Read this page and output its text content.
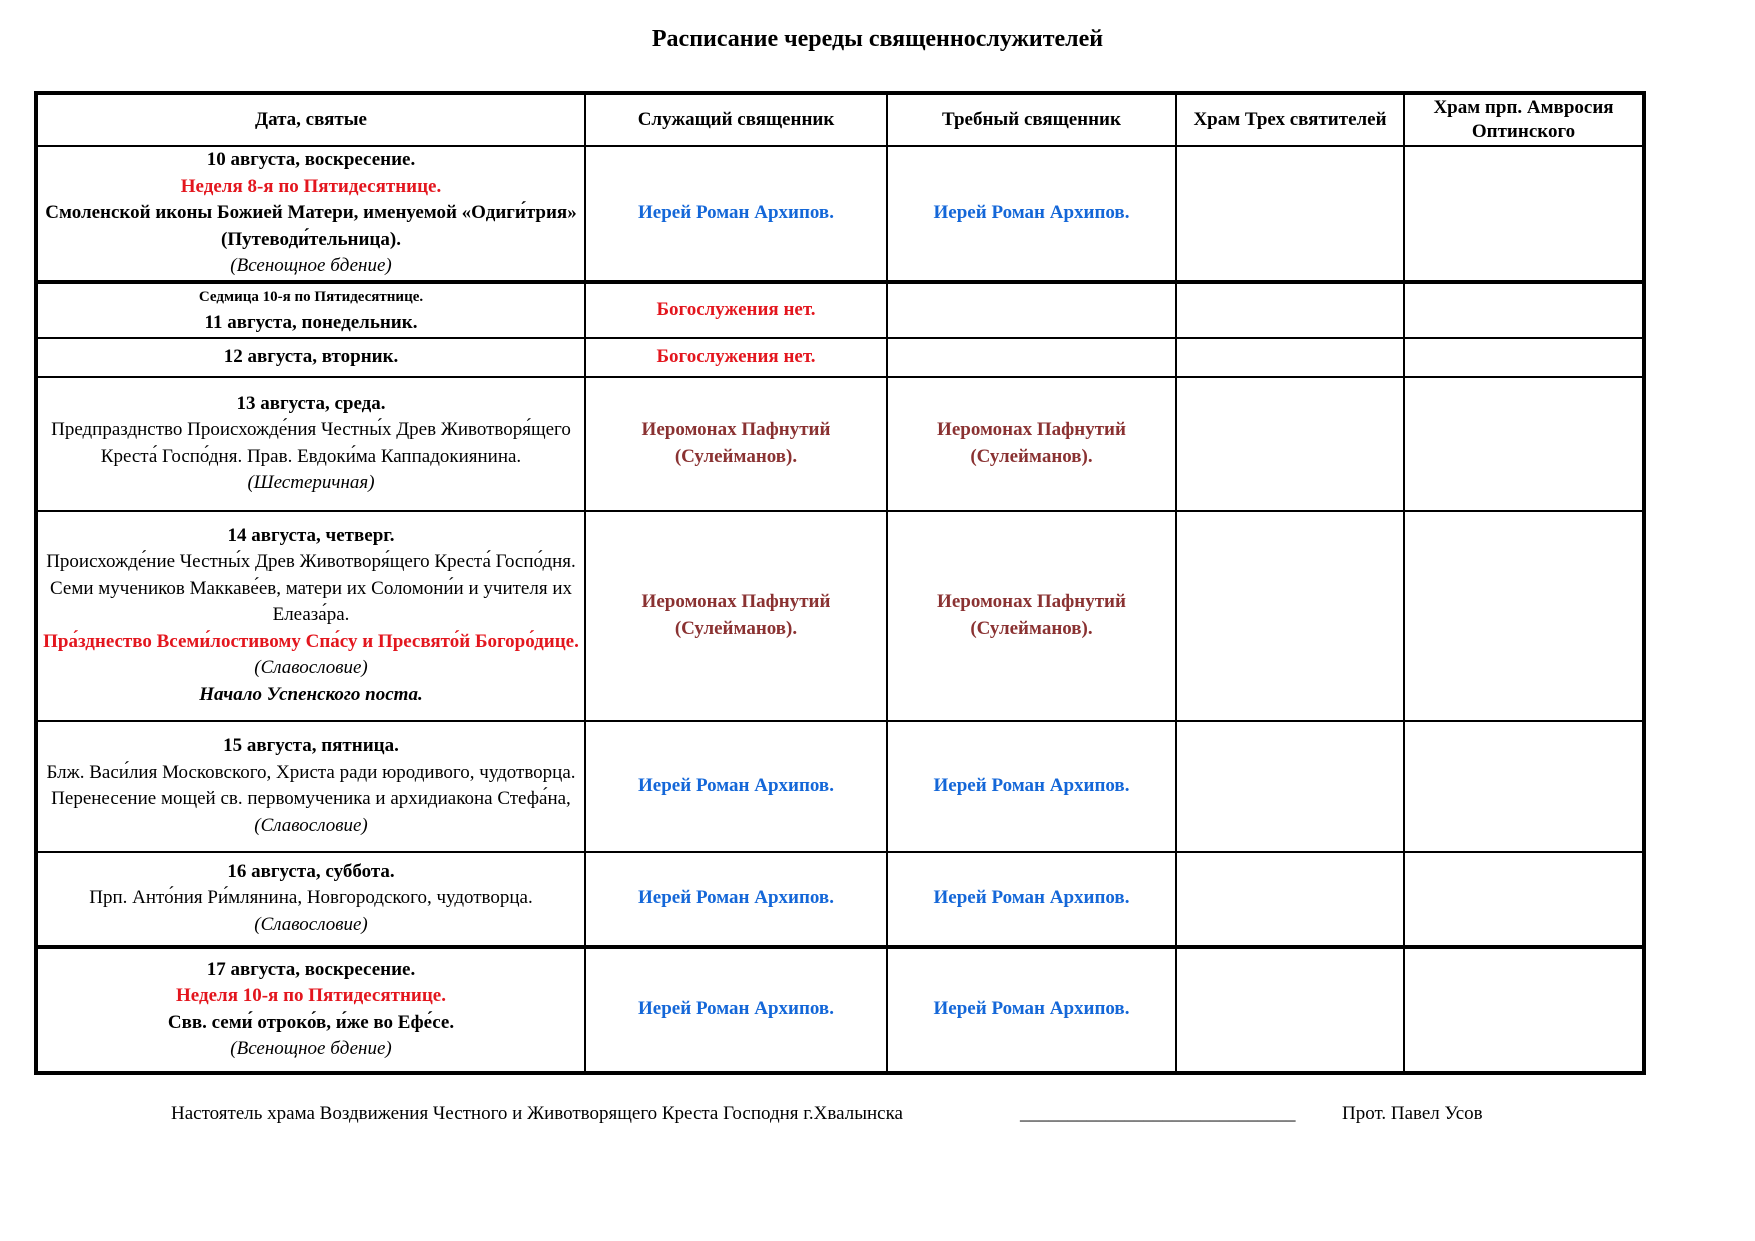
Расписание череды священнослужителей
Дата, святые	Служащий священник	Требный священник	Храм Трех святителей	Храм прп. Амвросия Оптинского

10 августа, воскресение.
Неделя 8-я по Пятидесятнице.
Смоленской иконы Божией Матери, именуемой «Одиги́трия» (Путеводи́тельница).
(Всенощное бдение)	Иерей Роман Архипов.	Иерей Роман Архипов.		

Седмица 10-я по Пятидесятнице.
11 августа, понедельник.	Богослужения нет.			

12 августа, вторник.	Богослужения нет.			

13 августа, среда.
Предпразднство Происхожде́ния Честны́х Древ Животворя́щего Креста́ Госпо́дня. Прав. Евдоки́ма Каппадокиянина.
(Шестеричная)	Иеромонах Пафнутий (Сулейманов).	Иеромонах Пафнутий (Сулейманов).		

14 августа, четверг.
Происхожде́ние Честны́х Древ Животворя́щего Креста́ Госпо́дня. Семи мучеников Маккаве́ев, матери их Соломони́и и учителя их Елеаза́ра.
Пра́зднество Всеми́лостивому Спа́су и Пресвято́й Богоро́дице.
(Славословие)
Начало Успенского поста.	Иеромонах Пафнутий (Сулейманов).	Иеромонах Пафнутий (Сулейманов).		

15 августа, пятница.
Блж. Васи́лия Московского, Христа ради юродивого, чудотворца. Перенесение мощей св. первомученика и архидиакона Стефа́на,
(Славословие)	Иерей Роман Архипов.	Иерей Роман Архипов.		

16 августа, суббота.
Прп. Анто́ния Ри́млянина, Новгородского, чудотворца.
(Славословие)	Иерей Роман Архипов.	Иерей Роман Архипов.		

17 августа, воскресение.
Неделя 10-я по Пятидесятнице.
Свв. семи́ отроко́в, и́же во Ефе́се.
(Всенощное бдение)	Иерей Роман Архипов.	Иерей Роман Архипов.		
Настоятель храма Воздвижения Честного и Животворящего Креста Господня г.Хвалынска	_____________________________ Прот. Павел Усов
